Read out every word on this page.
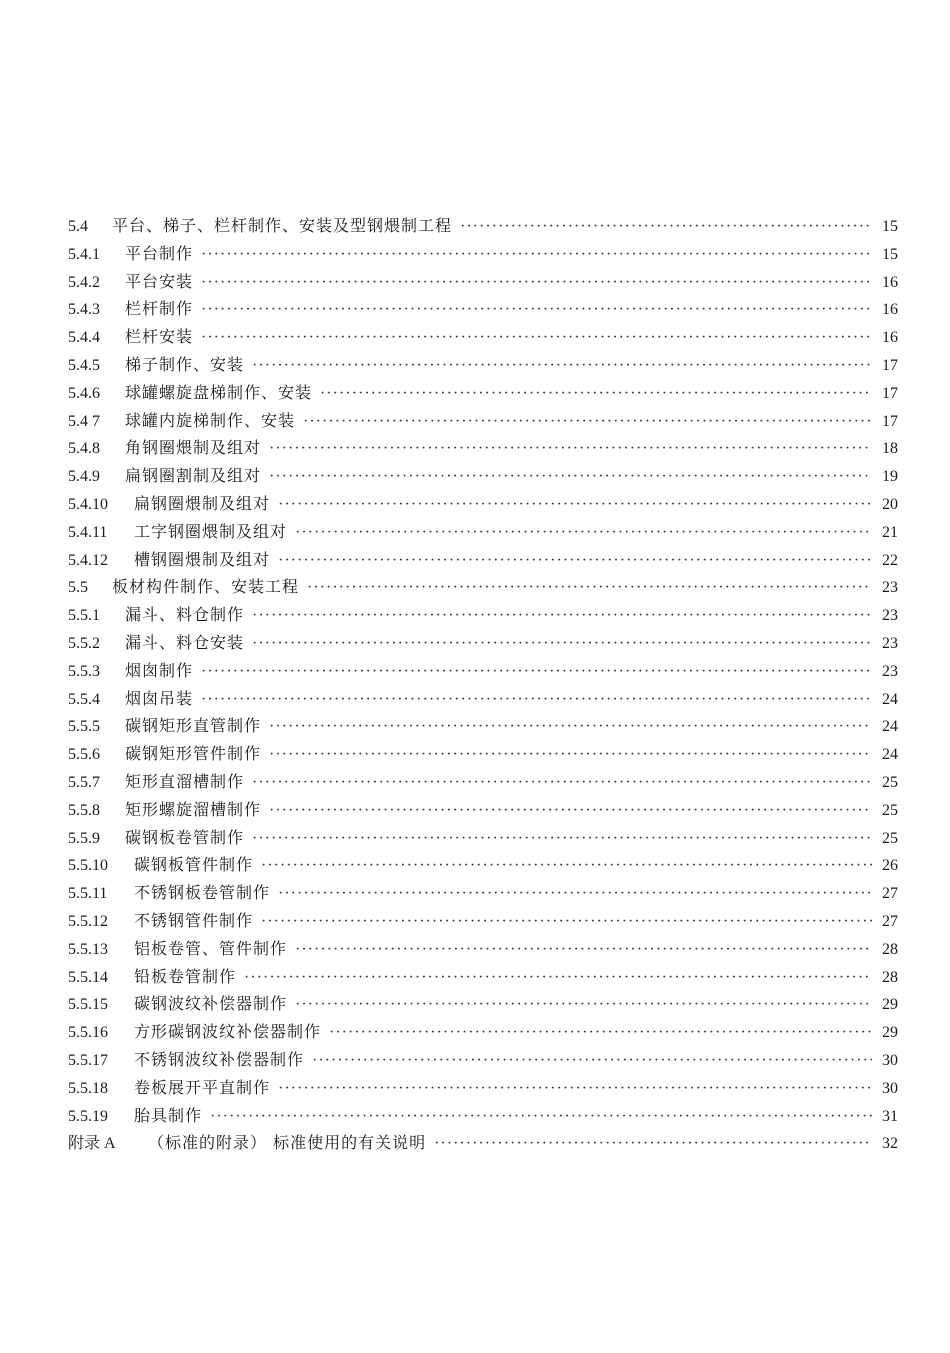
5.4	平台、梯子、栏杆制作、安装及型钢煨制工程 ·····	15
5.4.1	平台制作 ·····	15
5.4.2	平台安装 ·····	16
5.4.3	栏杆制作 ·····	16
5.4.4	栏杆安装 ·····	16
5.4.5	梯子制作、安装 ·····	17
5.4.6	球罐螺旋盘梯制作、安装 ·····	17
5.4 7	球罐内旋梯制作、安装 ·····	17
5.4.8	角钢圈煨制及组对 ·····	18
5.4.9	扁钢圈割制及组对 ·····	19
5.4.10	扁钢圈煨制及组对 ·····	20
5.4.11	工字钢圈煨制及组对 ·····	21
5.4.12	槽钢圈煨制及组对 ·····	22
5.5	板材构件制作、安装工程 ·····	23
5.5.1	漏斗、料仓制作 ·····	23
5.5.2	漏斗、料仓安装 ·····	23
5.5.3	烟囱制作 ·····	23
5.5.4	烟囱吊装 ·····	24
5.5.5	碳钢矩形直管制作 ·····	24
5.5.6	碳钢矩形管件制作 ·····	24
5.5.7	矩形直溜槽制作 ·····	25
5.5.8	矩形螺旋溜槽制作 ·····	25
5.5.9	碳钢板卷管制作 ·····	25
5.5.10	碳钢板管件制作 ·····	26
5.5.11	不锈钢板卷管制作 ·····	27
5.5.12	不锈钢管件制作 ·····	27
5.5.13	铝板卷管、管件制作 ·····	28
5.5.14	铅板卷管制作 ·····	28
5.5.15	碳钢波纹补偿器制作 ·····	29
5.5.16	方形碳钢波纹补偿器制作 ·····	29
5.5.17	不锈钢波纹补偿器制作 ·····	30
5.5.18	卷板展开平直制作 ·····	30
5.5.19	胎具制作 ·····	31
附录 A	（标准的附录） 标准使用的有关说明 ·····	32
